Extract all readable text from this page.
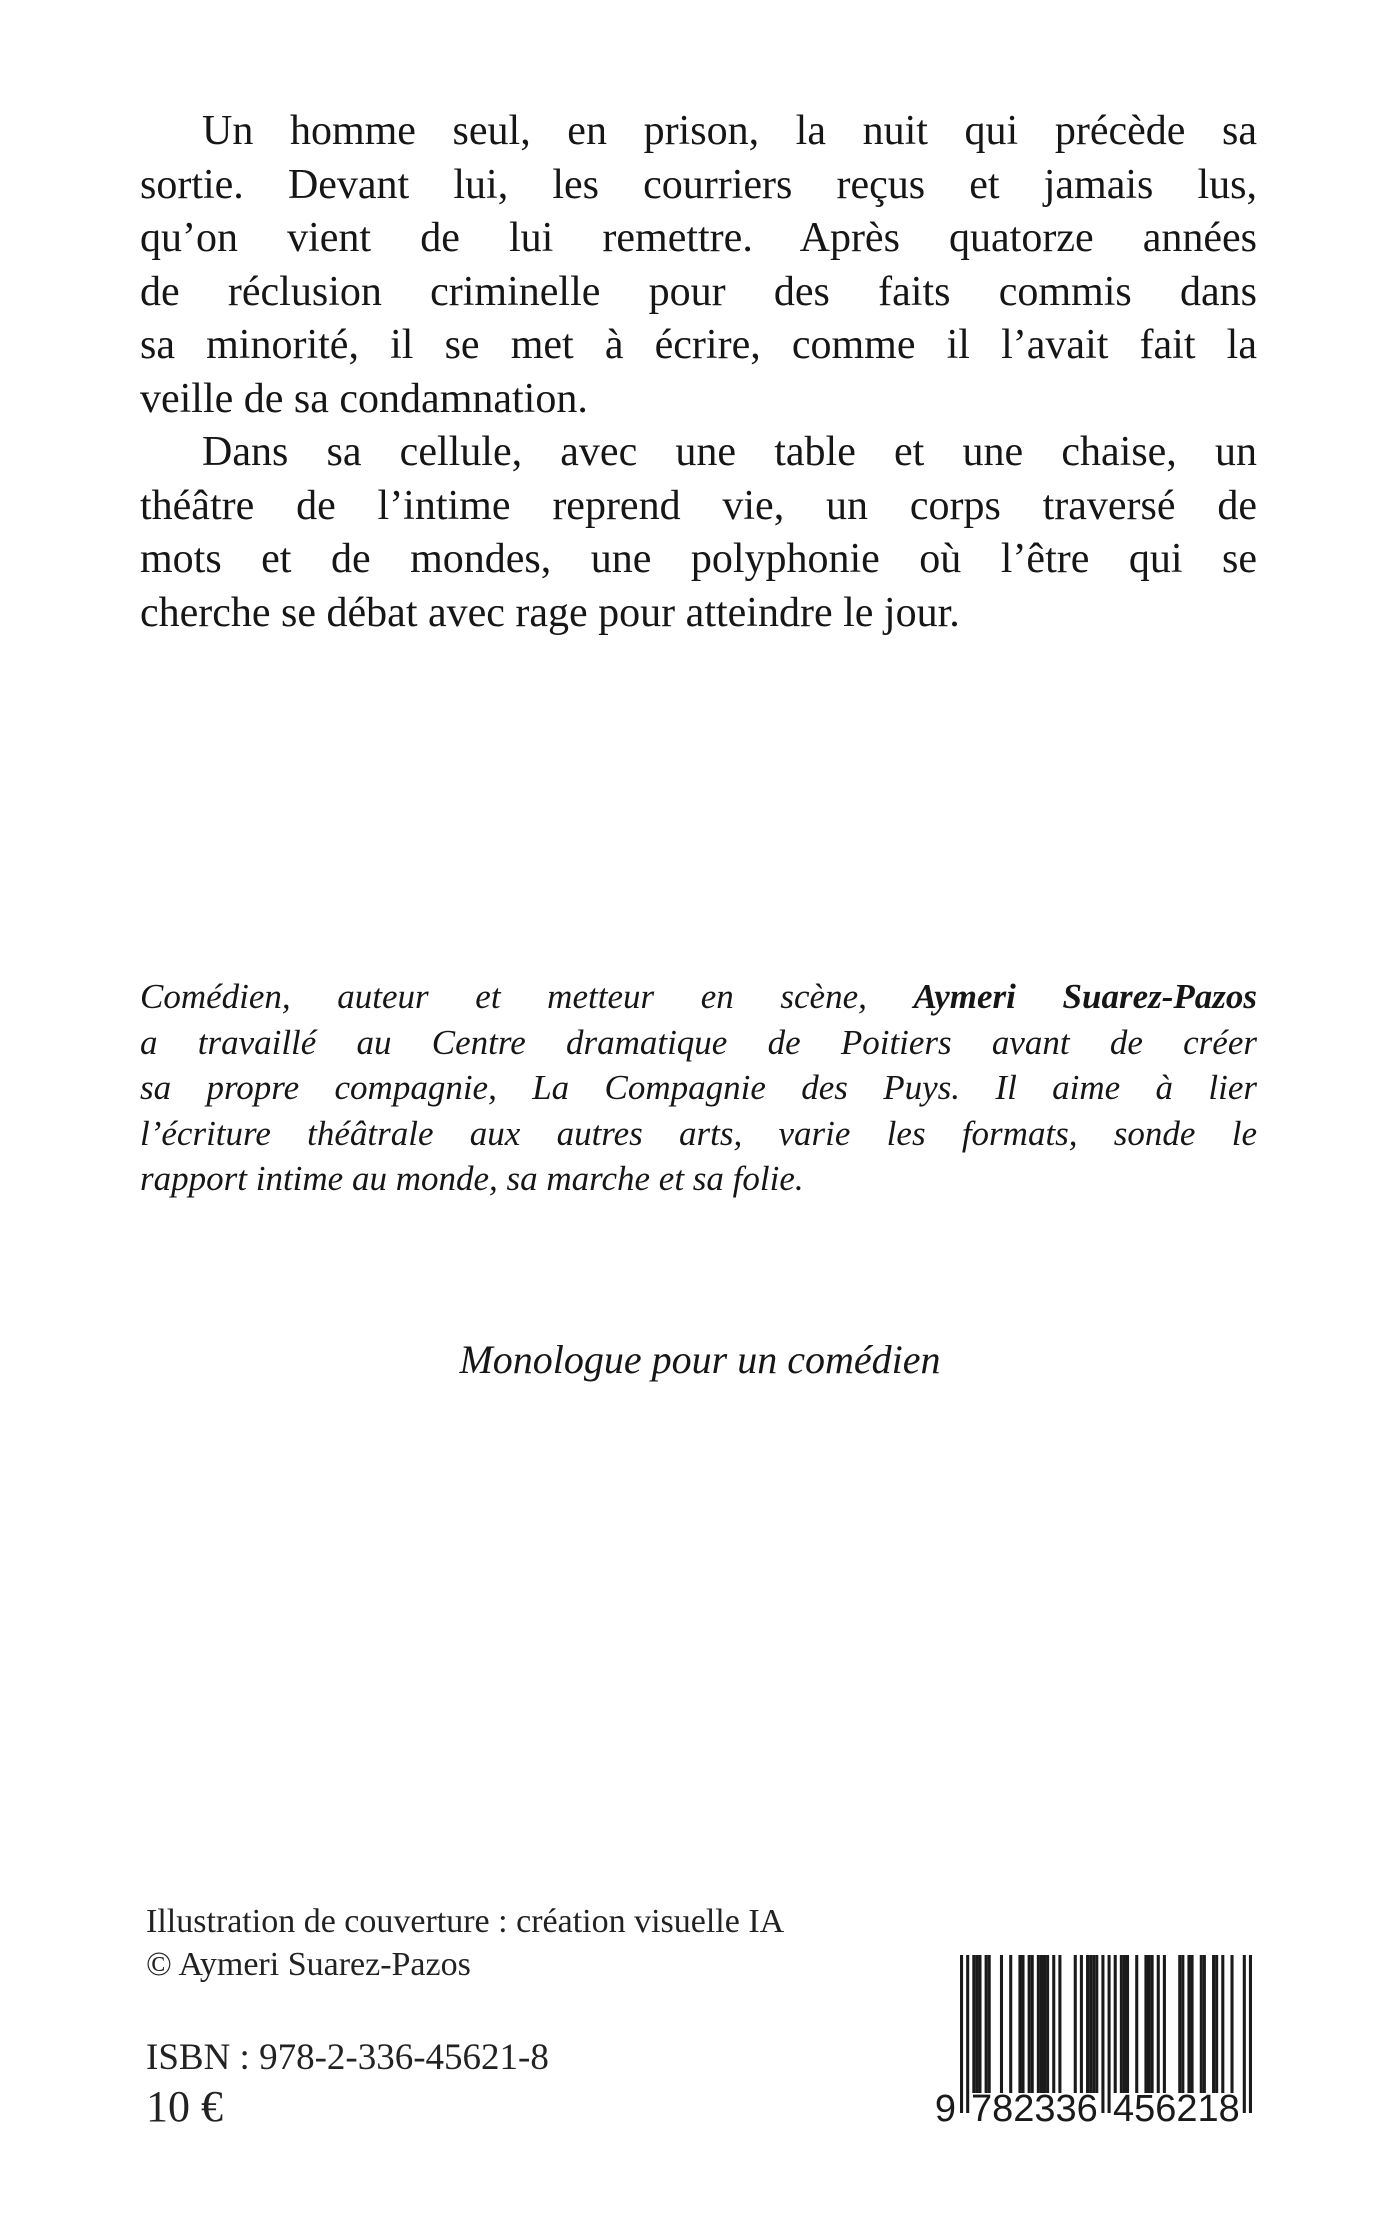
Un homme seul, en prison, la nuit qui précède sa
sortie. Devant lui, les courriers reçus et jamais lus,
qu’on vient de lui remettre. Après quatorze années
de réclusion criminelle pour des faits commis dans
sa minorité, il se met à écrire, comme il l’avait fait la
veille de sa condamnation.
Dans sa cellule, avec une table et une chaise, un
théâtre de l’intime reprend vie, un corps traversé de
mots et de mondes, une polyphonie où l’être qui se
cherche se débat avec rage pour atteindre le jour.
Comédien, auteur et metteur en scène, Aymeri Suarez-Pazos
a travaillé au Centre dramatique de Poitiers avant de créer
sa propre compagnie, La Compagnie des Puys. Il aime à lier
l’écriture théâtrale aux autres arts, varie les formats, sonde le
rapport intime au monde, sa marche et sa folie.
Monologue pour un comédien
Illustration de couverture : création visuelle IA
© Aymeri Suarez-Pazos
ISBN : 978-2-336-45621-8
10 €	9 782336 456218
